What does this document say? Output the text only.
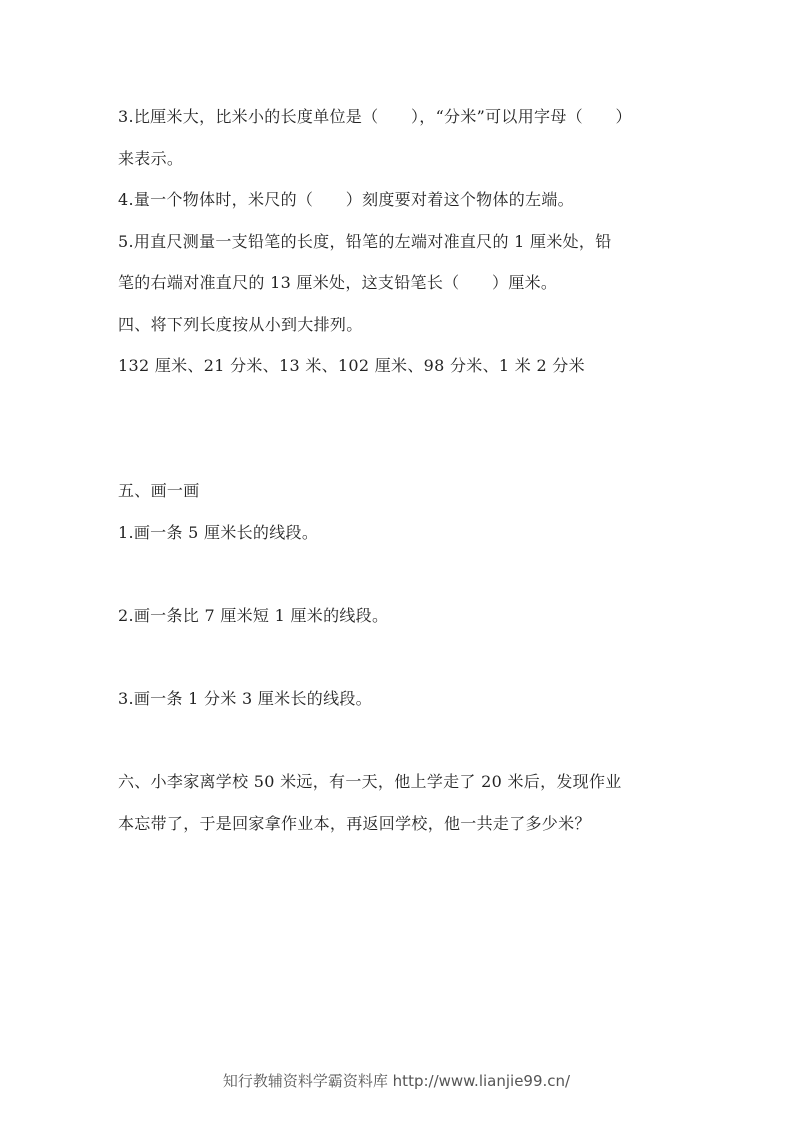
3.比厘米大，比米小的长度单位是（　　），“分米”可以用字母（　　）
来表示。
4.量一个物体时，米尺的（　　）刻度要对着这个物体的左端。
5.用直尺测量一支铅笔的长度，铅笔的左端对准直尺的 1 厘米处，铅
笔的右端对准直尺的 13 厘米处，这支铅笔长（　　）厘米。
四、将下列长度按从小到大排列。
132 厘米、21 分米、13 米、102 厘米、98 分米、1 米 2 分米
五、画一画
1.画一条 5 厘米长的线段。
2.画一条比 7 厘米短 1 厘米的线段。
3.画一条 1 分米 3 厘米长的线段。
六、小李家离学校 50 米远，有一天，他上学走了 20 米后，发现作业
本忘带了，于是回家拿作业本，再返回学校，他一共走了多少米？
知行教辅资料学霸资料库 http://www.lianjie99.cn/
